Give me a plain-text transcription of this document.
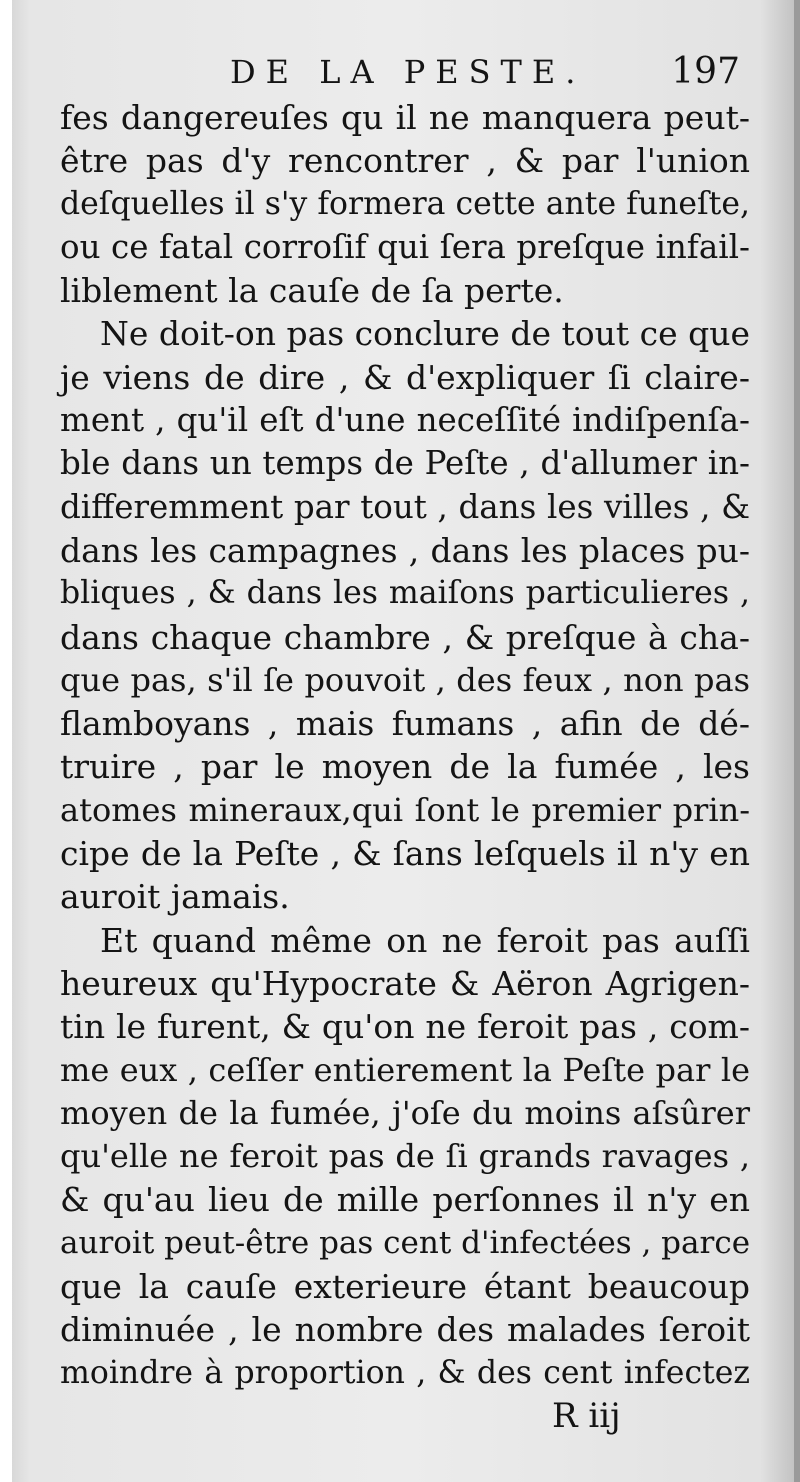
DE LA PESTE. 197
fes dangereuſes qu il ne manquera peut-
être pas d'y rencontrer , & par l'union
deſquelles il s'y formera cette ante funeſte,
ou ce fatal corroſif qui ſera preſque infail-
liblement la cauſe de ſa perte.
Ne doit-on pas conclure de tout ce que
je viens de dire , & d'expliquer ſi claire-
ment , qu'il eſt d'une neceſſité indiſpenſa-
ble dans un temps de Peſte , d'allumer in-
differemment par tout , dans les villes , &
dans les campagnes , dans les places pu-
bliques , & dans les maiſons particulieres ,
dans chaque chambre , & preſque à cha-
que pas, s'il ſe pouvoit , des feux , non pas
flamboyans , mais fumans , afin de dé-
truire , par le moyen de la fumée , les
atomes mineraux,qui ſont le premier prin-
cipe de la Peſte , & ſans leſquels il n'y en
auroit jamais.
Et quand même on ne feroit pas auſſi
heureux qu'Hypocrate & Aëron Agrigen-
tin le furent, & qu'on ne feroit pas , com-
me eux , ceſſer entierement la Peſte par le
moyen de la fumée, j'oſe du moins aſsûrer
qu'elle ne feroit pas de ſi grands ravages ,
& qu'au lieu de mille perſonnes il n'y en
auroit peut-être pas cent d'infectées , parce
que la cauſe exterieure étant beaucoup
diminuée , le nombre des malades ſeroit
moindre à proportion , & des cent infectez
R iij
